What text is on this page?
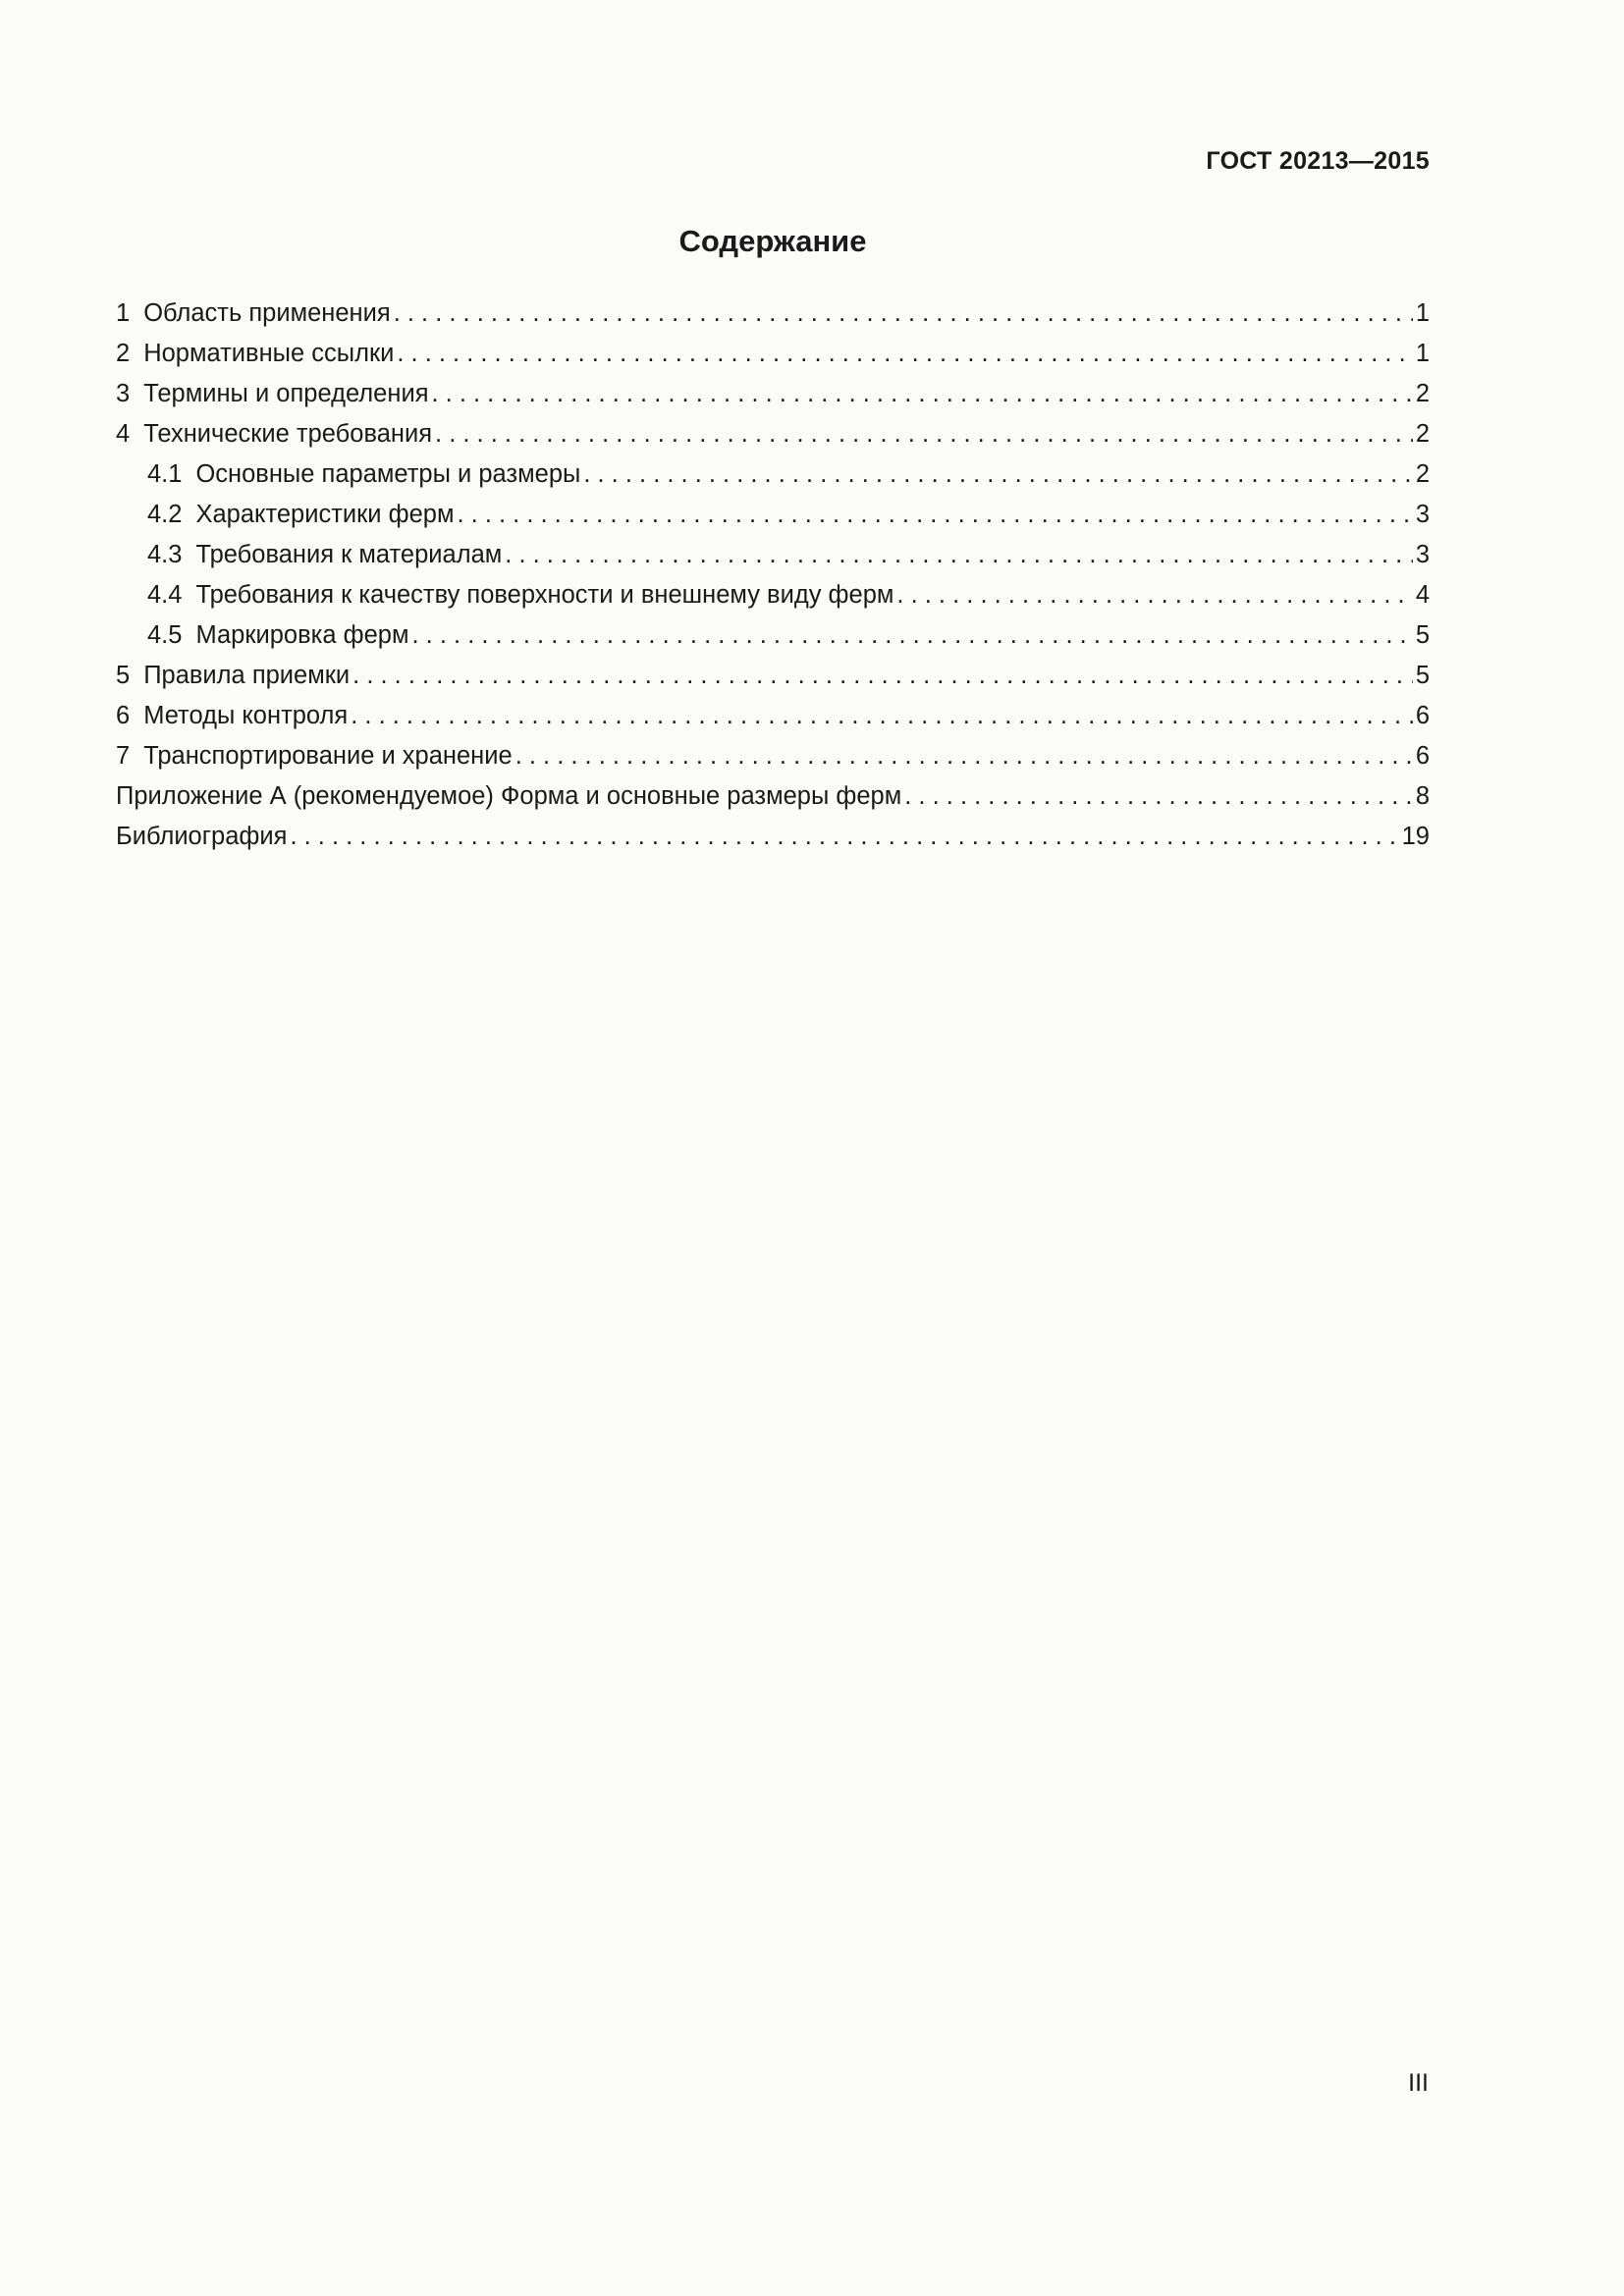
ГОСТ 20213—2015
Содержание
1 Область применения . . .	1
2 Нормативные ссылки . . .	1
3 Термины и определения . . .	2
4 Технические требования . . .	2
4.1 Основные параметры и размеры . . .	2
4.2 Характеристики ферм . . .	3
4.3 Требования к материалам . . .	3
4.4 Требования к качеству поверхности и внешнему виду ферм . . .	4
4.5 Маркировка ферм . . .	5
5 Правила приемки . . .	5
6 Методы контроля . . .	6
7 Транспортирование и хранение . . .	6
Приложение А (рекомендуемое) Форма и основные размеры ферм . . .	8
Библиография . . .	19
III
